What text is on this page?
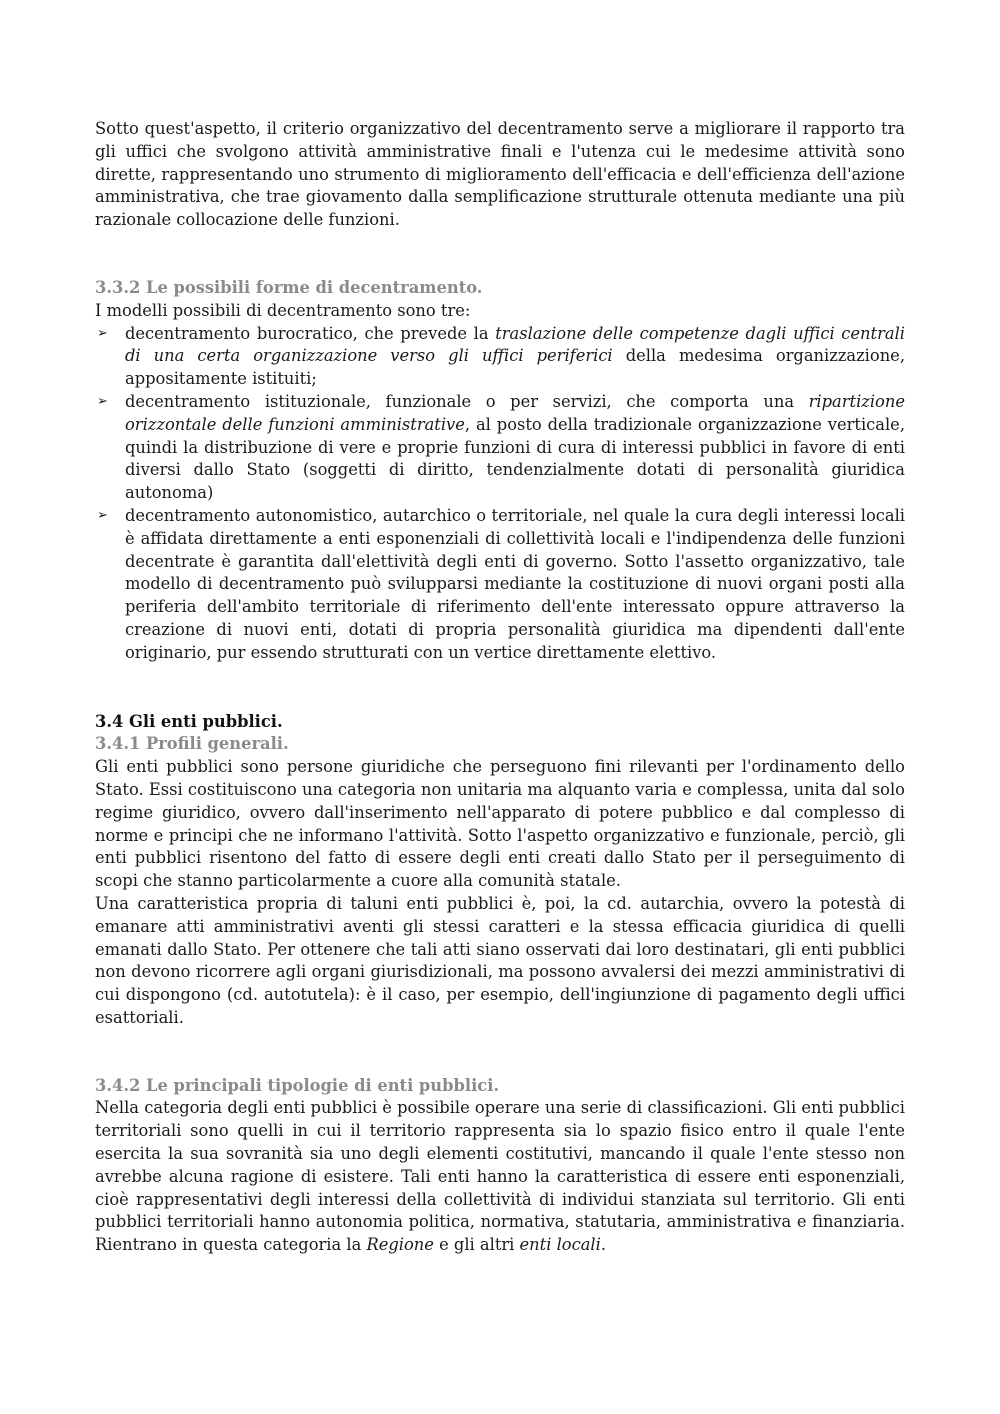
Sotto quest'aspetto, il criterio organizzativo del decentramento serve a migliorare il rapporto tra gli uffici che svolgono attività amministrative finali e l'utenza cui le medesime attività sono dirette, rappresentando uno strumento di miglioramento dell'efficacia e dell'efficienza dell'azione amministrativa, che trae giovamento dalla semplificazione strutturale ottenuta mediante una più razionale collocazione delle funzioni.

3.3.2 Le possibili forme di decentramento.

I modelli possibili di decentramento sono tre:

➢ decentramento burocratico, che prevede la traslazione delle competenze dagli uffici centrali di una certa organizzazione verso gli uffici periferici della medesima organizzazione, appositamente istituiti;
➢ decentramento istituzionale, funzionale o per servizi, che comporta una ripartizione orizzontale delle funzioni amministrative, al posto della tradizionale organizzazione verticale, quindi la distribuzione di vere e proprie funzioni di cura di interessi pubblici in favore di enti diversi dallo Stato (soggetti di diritto, tendenzialmente dotati di personalità giuridica autonoma)
➢ decentramento autonomistico, autarchico o territoriale, nel quale la cura degli interessi locali è affidata direttamente a enti esponenziali di collettività locali e l'indipendenza delle funzioni decentrate è garantita dall'elettività degli enti di governo. Sotto l'assetto organizzativo, tale modello di decentramento può svilupparsi mediante la costituzione di nuovi organi posti alla periferia dell'ambito territoriale di riferimento dell'ente interessato oppure attraverso la creazione di nuovi enti, dotati di propria personalità giuridica ma dipendenti dall'ente originario, pur essendo strutturati con un vertice direttamente elettivo.

3.4 Gli enti pubblici.

3.4.1 Profili generali.

Gli enti pubblici sono persone giuridiche che perseguono fini rilevanti per l'ordinamento dello Stato. Essi costituiscono una categoria non unitaria ma alquanto varia e complessa, unita dal solo regime giuridico, ovvero dall'inserimento nell'apparato di potere pubblico e dal complesso di norme e principi che ne informano l'attività. Sotto l'aspetto organizzativo e funzionale, perciò, gli enti pubblici risentono del fatto di essere degli enti creati dallo Stato per il perseguimento di scopi che stanno particolarmente a cuore alla comunità statale.

Una caratteristica propria di taluni enti pubblici è, poi, la cd. autarchia, ovvero la potestà di emanare atti amministrativi aventi gli stessi caratteri e la stessa efficacia giuridica di quelli emanati dallo Stato. Per ottenere che tali atti siano osservati dai loro destinatari, gli enti pubblici non devono ricorrere agli organi giurisdizionali, ma possono avvalersi dei mezzi amministrativi di cui dispongono (cd. autotutela): è il caso, per esempio, dell'ingiunzione di pagamento degli uffici esattoriali.

3.4.2 Le principali tipologie di enti pubblici.

Nella categoria degli enti pubblici è possibile operare una serie di classificazioni. Gli enti pubblici territoriali sono quelli in cui il territorio rappresenta sia lo spazio fisico entro il quale l'ente esercita la sua sovranità sia uno degli elementi costitutivi, mancando il quale l'ente stesso non avrebbe alcuna ragione di esistere. Tali enti hanno la caratteristica di essere enti esponenziali, cioè rappresentativi degli interessi della collettività di individui stanziata sul territorio. Gli enti pubblici territoriali hanno autonomia politica, normativa, statutaria, amministrativa e finanziaria. Rientrano in questa categoria la Regione e gli altri enti locali.
